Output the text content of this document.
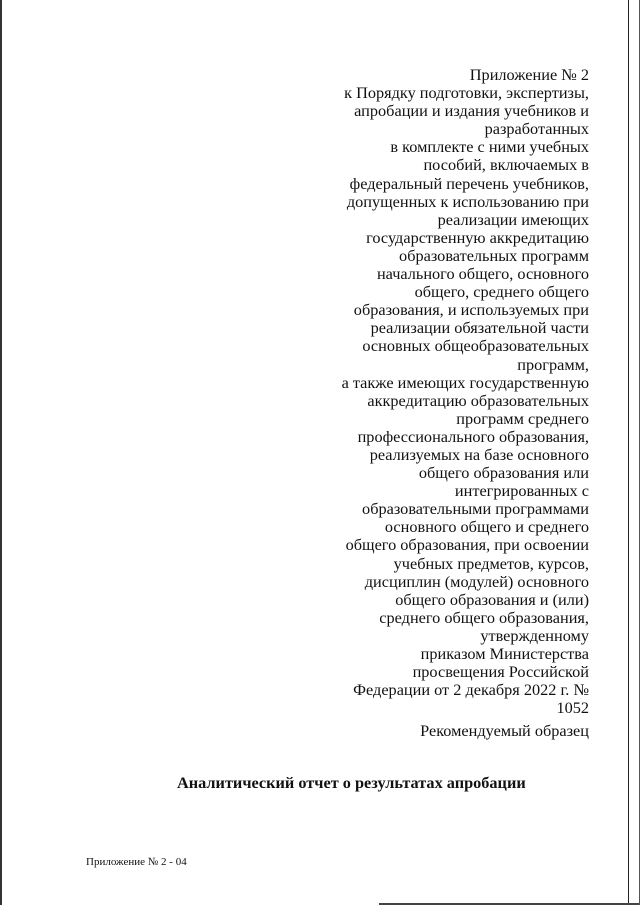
Приложение № 2
к Порядку подготовки, экспертизы,
апробации и издания учебников и
разработанных
в комплекте с ними учебных
пособий, включаемых в
федеральный перечень учебников,
допущенных к использованию при
реализации имеющих
государственную аккредитацию
образовательных программ
начального общего, основного
общего, среднего общего
образования, и используемых при
реализации обязательной части
основных общеобразовательных
программ,
а также имеющих государственную
аккредитацию образовательных
программ среднего
профессионального образования,
реализуемых на базе основного
общего образования или
интегрированных с
образовательными программами
основного общего и среднего
общего образования, при освоении
учебных предметов, курсов,
дисциплин (модулей) основного
общего образования и (или)
среднего общего образования,
утвержденному
приказом Министерства
просвещения Российской
Федерации от 2 декабря 2022 г. №
1052
Рекомендуемый образец
Аналитический отчет о результатах апробации
Приложение № 2 - 04
